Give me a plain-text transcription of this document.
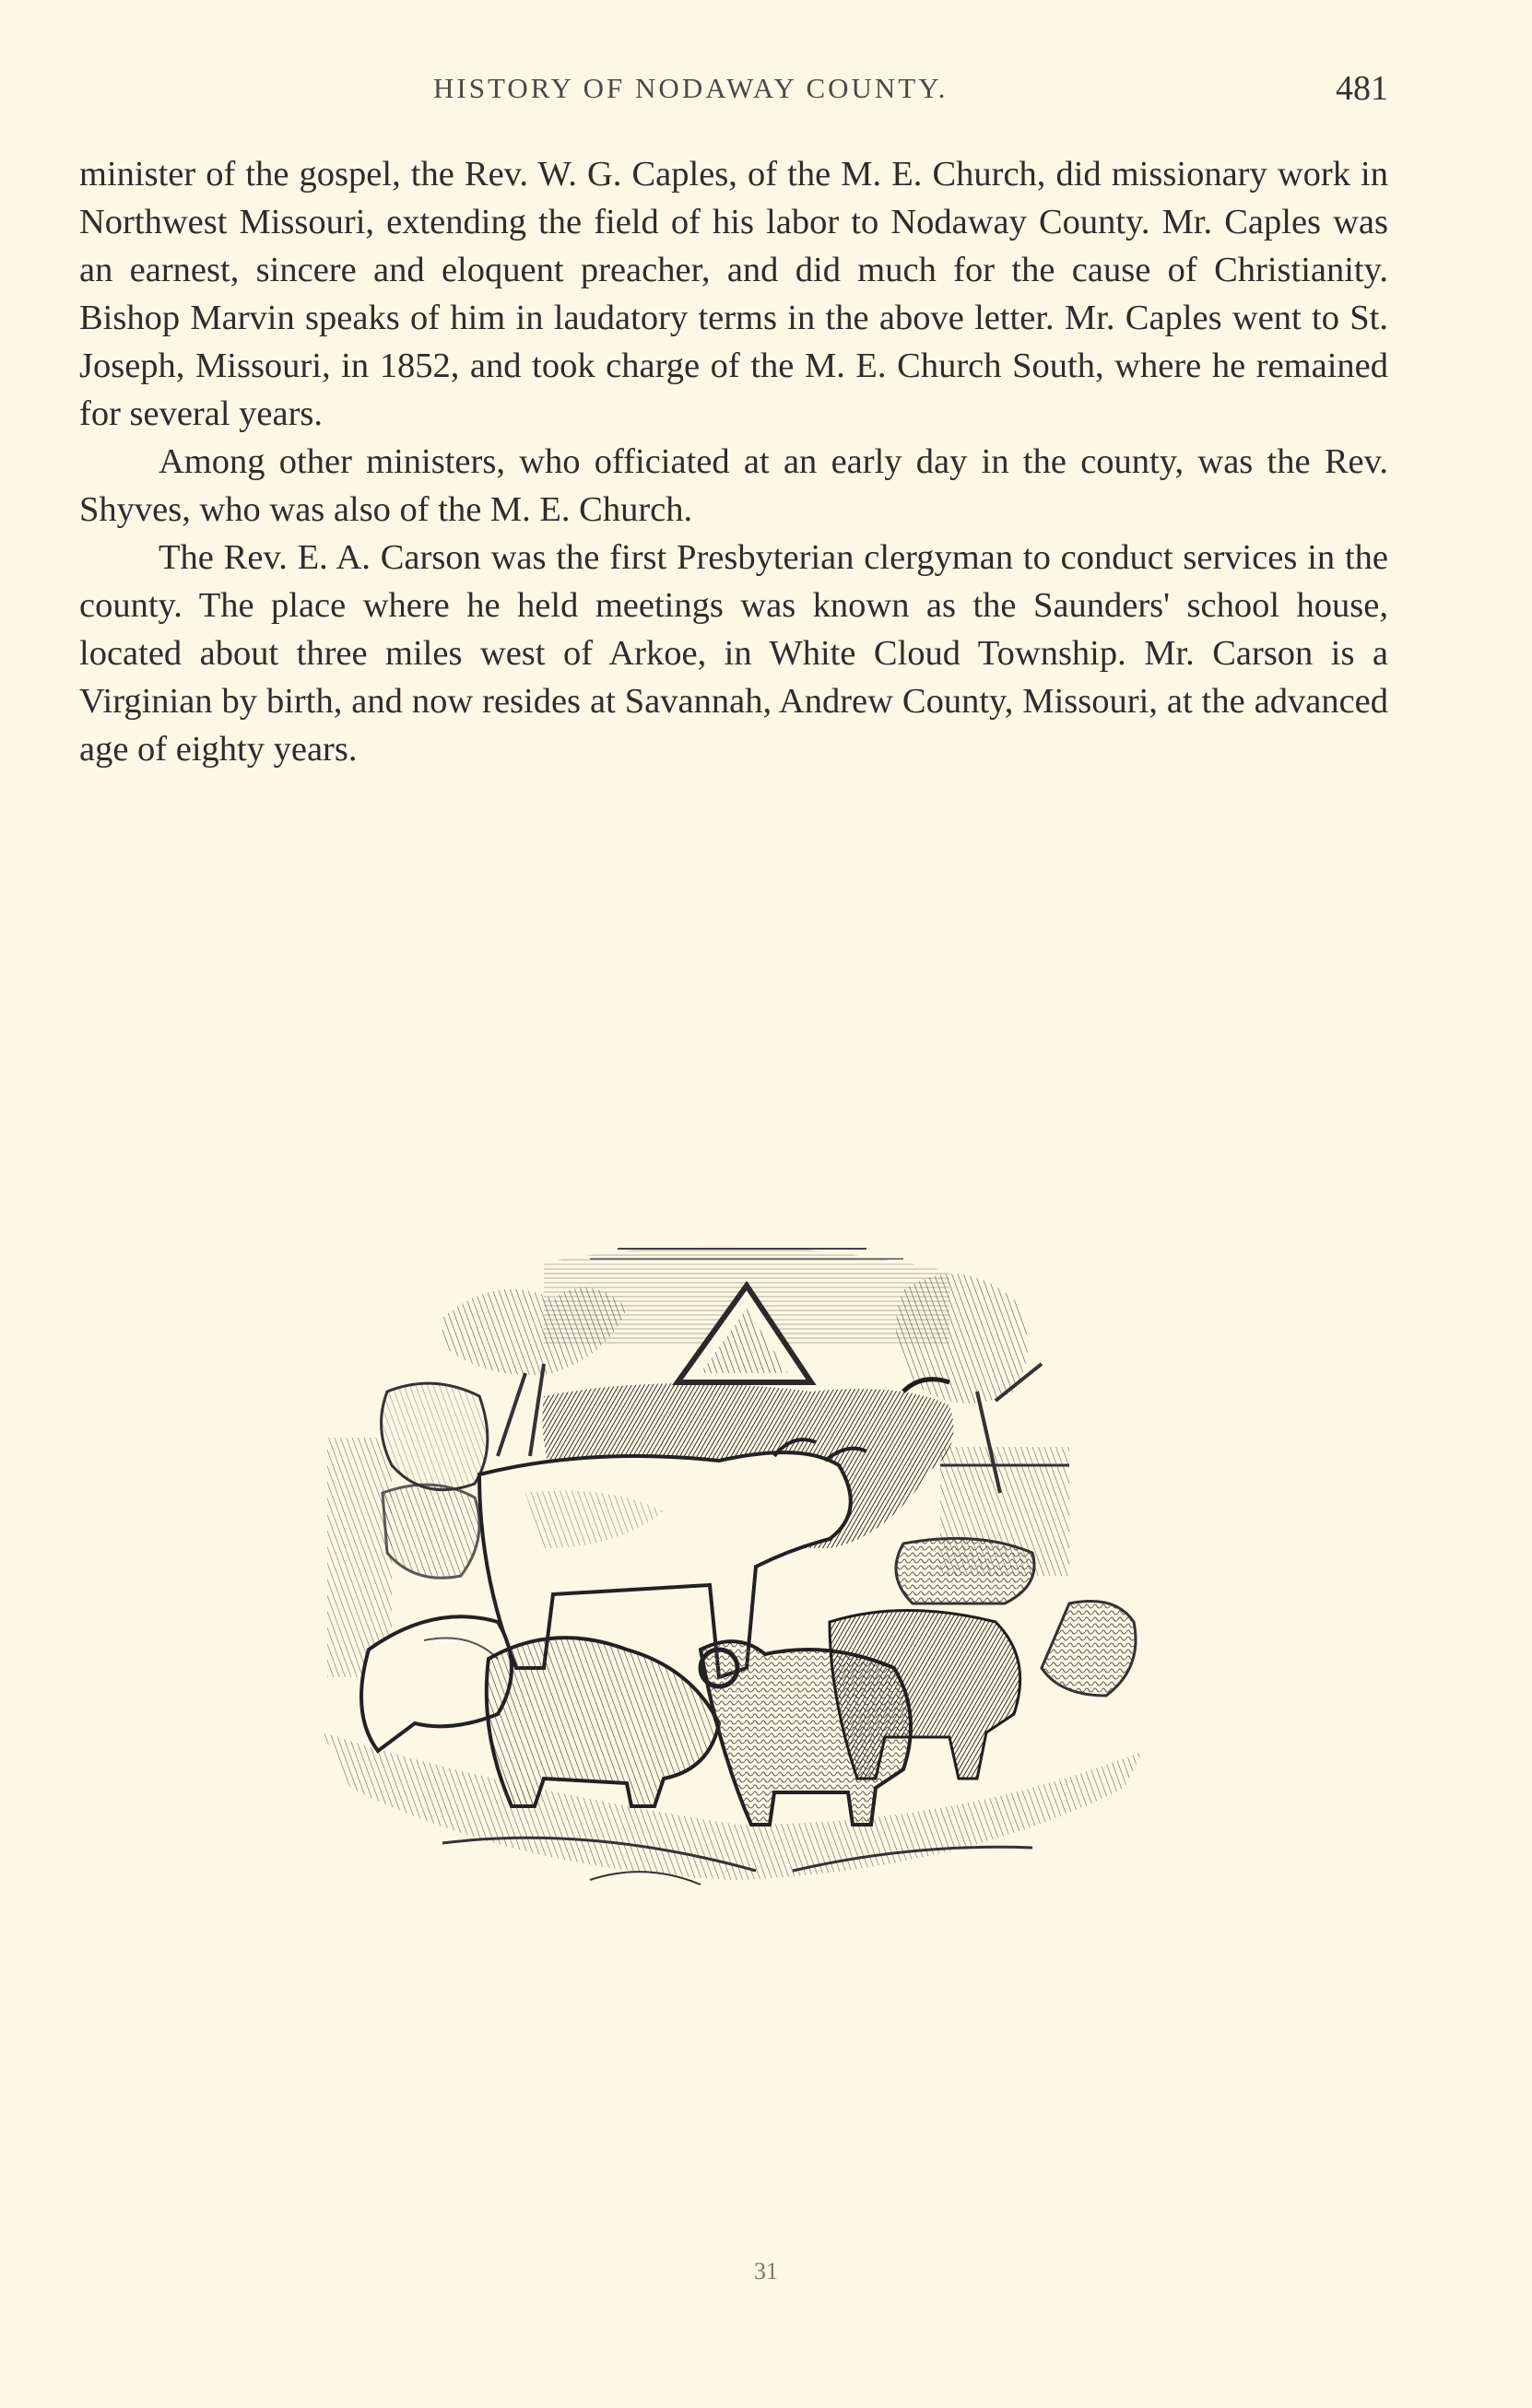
HISTORY OF NODAWAY COUNTY.	481

minister of the gospel, the Rev. W. G. Caples, of the M. E. Church, did missionary work in Northwest Missouri, extending the field of his labor to Nodaway County. Mr. Caples was an earnest, sincere and eloquent preacher, and did much for the cause of Christianity. Bishop Marvin speaks of him in laudatory terms in the above letter. Mr. Caples went to St. Joseph, Missouri, in 1852, and took charge of the M. E. Church South, where he remained for several years.

Among other ministers, who officiated at an early day in the county, was the Rev. Shyves, who was also of the M. E. Church.

The Rev. E. A. Carson was the first Presbyterian clergyman to conduct services in the county. The place where he held meetings was known as the Saunders' school house, located about three miles west of Arkoe, in White Cloud Township. Mr. Carson is a Virginian by birth, and now resides at Savannah, Andrew County, Missouri, at the advanced age of eighty years.

31
